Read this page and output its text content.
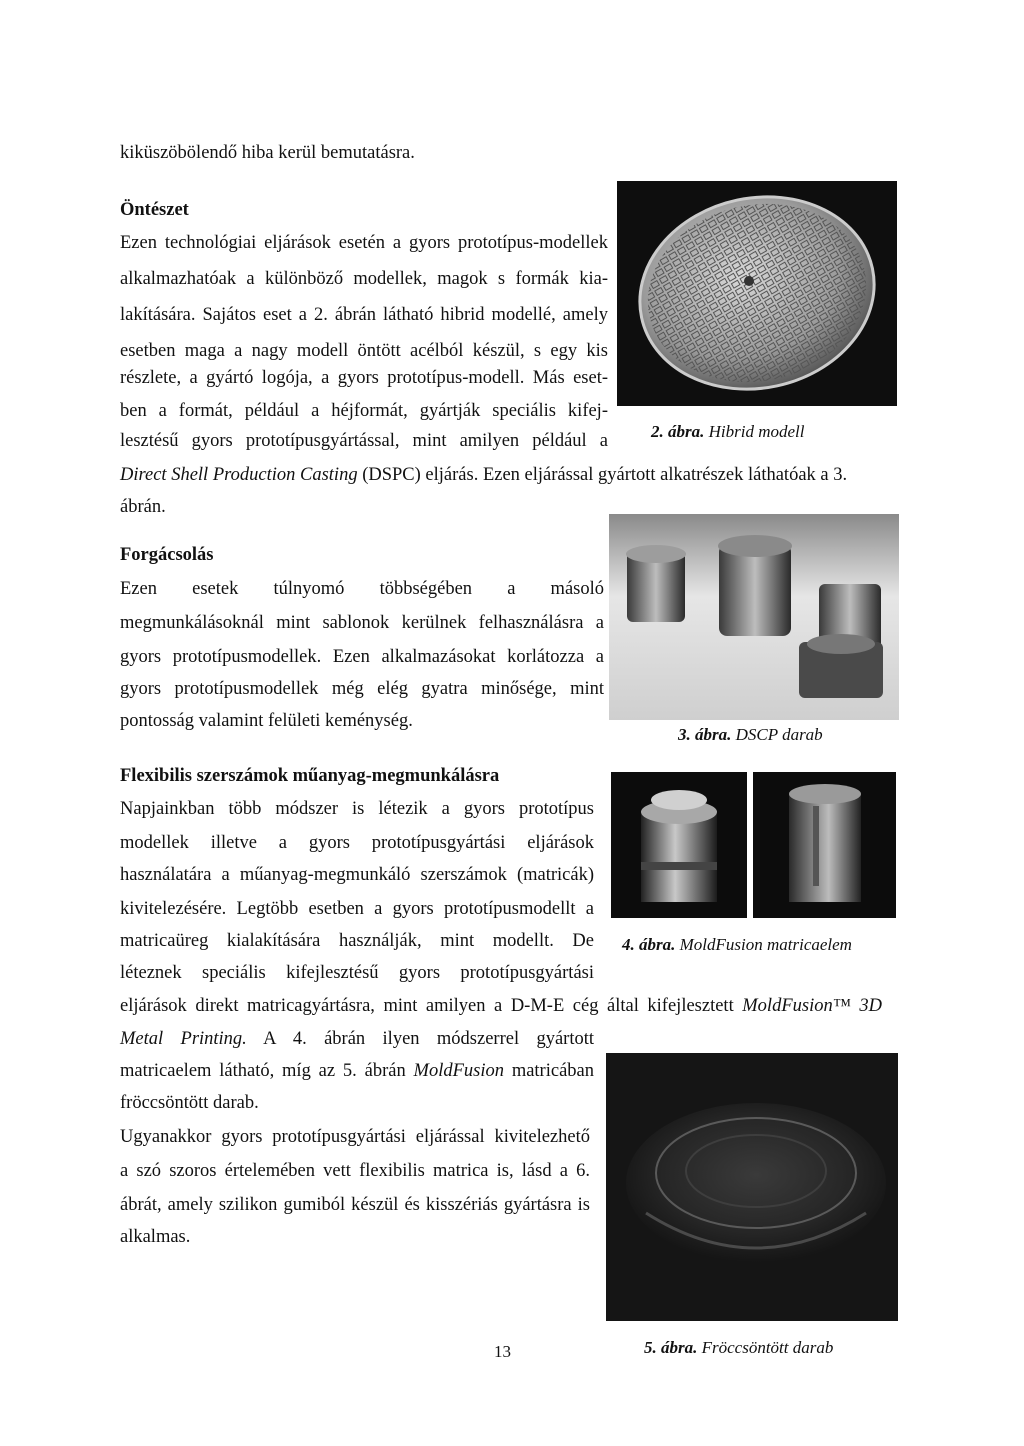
kiküszöbölendő hiba kerül bemutatásra.
Öntészet
Ezen technológiai eljárások esetén a gyors prototípus-modellek
alkalmazhatóak a különböző modellek, magok s formák kia-
lakítására. Sajátos eset a 2. ábrán látható hibrid modellé, amely
esetben maga a nagy modell öntött acélból készül, s egy kis
részlete, a gyártó logója, a gyors prototípus-modell. Más eset-
ben a formát, például a héjformát, gyártják speciális kifej-
lesztésű gyors prototípusgyártással, mint amilyen például a
Direct Shell Production Casting (DSPC) eljárás. Ezen eljárással gyártott alkatrészek láthatóak a 3.
ábrán.
2. ábra. Hibrid modell
Forgácsolás
Ezen esetek túlnyomó többségében a másoló
megmunkálásoknál mint sablonok kerülnek felhasználásra a
gyors prototípusmodellek. Ezen alkalmazásokat korlátozza a
gyors prototípusmodellek még elég gyatra minősége, mint
pontosság valamint felületi keménység.
3. ábra. DSCP darab
Flexibilis szerszámok műanyag-megmunkálásra
Napjainkban több módszer is létezik a gyors prototípus
modellek illetve a gyors prototípusgyártási eljárások
használatára a műanyag-megmunkáló szerszámok (matricák)
kivitelezésére. Legtöbb esetben a gyors prototípusmodellt a
matricaüreg kialakítására használják, mint modellt. De
léteznek speciális kifejlesztésű gyors prototípusgyártási
eljárások direkt matricagyártásra, mint amilyen a D-M-E cég által kifejlesztett MoldFusion™ 3D
Metal Printing. A 4. ábrán ilyen módszerrel gyártott
matricaelem látható, míg az 5. ábrán MoldFusion matricában
fröccsöntött darab.
Ugyanakkor gyors prototípusgyártási eljárással kivitelezhető
a szó szoros értelemében vett flexibilis matrica is, lásd a 6.
ábrát, amely szilikon gumiból készül és kisszériás gyártásra is
alkalmas.
4. ábra. MoldFusion matricaelem
5. ábra. Fröccsöntött darab
13
